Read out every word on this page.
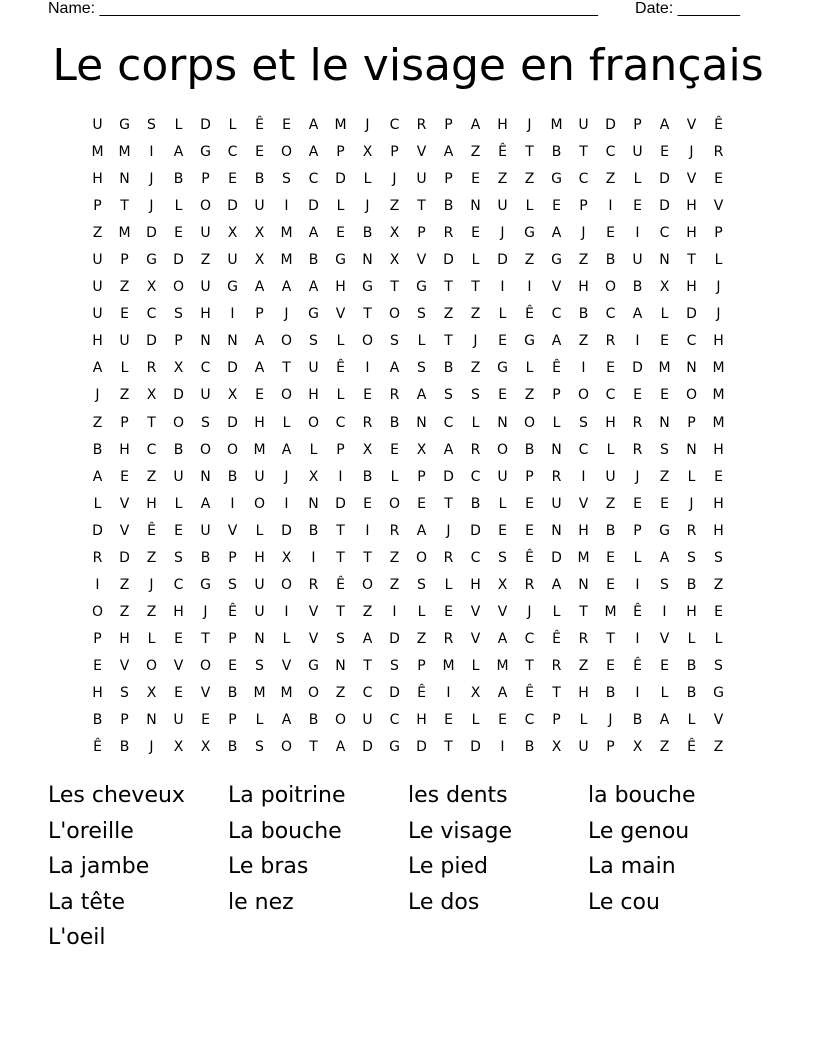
Name: ________________________________________________________ Date: _______
Le corps et le visage en français
U	G	S	L	D	L	Ê	E	A	M	J	C	R	P	A	H	J	M	U	D	P	A	V	Ê
M	M	I	A	G	C	E	O	A	P	X	P	V	A	Z	Ê	T	B	T	C	U	E	J	R
H	N	J	B	P	E	B	S	C	D	L	J	U	P	E	Z	Z	G	C	Z	L	D	V	E
P	T	J	L	O	D	U	I	D	L	J	Z	T	B	N	U	L	E	P	I	E	D	H	V
Z	M	D	E	U	X	X	M	A	E	B	X	P	R	E	J	G	A	J	E	I	C	H	P
U	P	G	D	Z	U	X	M	B	G	N	X	V	D	L	D	Z	G	Z	B	U	N	T	L
U	Z	X	O	U	G	A	A	A	H	G	T	G	T	T	I	I	V	H	O	B	X	H	J
U	E	C	S	H	I	P	J	G	V	T	O	S	Z	Z	L	Ê	C	B	C	A	L	D	J
H	U	D	P	N	N	A	O	S	L	O	S	L	T	J	E	G	A	Z	R	I	E	C	H
A	L	R	X	C	D	A	T	U	Ê	I	A	S	B	Z	G	L	Ê	I	E	D	M	N	M
J	Z	X	D	U	X	E	O	H	L	E	R	A	S	S	E	Z	P	O	C	E	E	O	M
Z	P	T	O	S	D	H	L	O	C	R	B	N	C	L	N	O	L	S	H	R	N	P	M
B	H	C	B	O	O	M	A	L	P	X	E	X	A	R	O	B	N	C	L	R	S	N	H
A	E	Z	U	N	B	U	J	X	I	B	L	P	D	C	U	P	R	I	U	J	Z	L	E
L	V	H	L	A	I	O	I	N	D	E	O	E	T	B	L	E	U	V	Z	E	E	J	H
D	V	Ê	E	U	V	L	D	B	T	I	R	A	J	D	E	E	N	H	B	P	G	R	H
R	D	Z	S	B	P	H	X	I	T	T	Z	O	R	C	S	Ê	D	M	E	L	A	S	S
I	Z	J	C	G	S	U	O	R	Ê	O	Z	S	L	H	X	R	A	N	E	I	S	B	Z
O	Z	Z	H	J	Ê	U	I	V	T	Z	I	L	E	V	V	J	L	T	M	Ê	I	H	E
P	H	L	E	T	P	N	L	V	S	A	D	Z	R	V	A	C	Ê	R	T	I	V	L	L
E	V	O	V	O	E	S	V	G	N	T	S	P	M	L	M	T	R	Z	E	Ê	E	B	S
H	S	X	E	V	B	M	M	O	Z	C	D	Ê	I	X	A	Ê	T	H	B	I	L	B	G
B	P	N	U	E	P	L	A	B	O	U	C	H	E	L	E	C	P	L	J	B	A	L	V
Ê	B	J	X	X	B	S	O	T	A	D	G	D	T	D	I	B	X	U	P	X	Z	Ê	Z
Les cheveux	La poitrine	les dents	la bouche
L'oreille	La bouche	Le visage	Le genou
La jambe	Le bras	Le pied	La main
La tête	le nez	Le dos	Le cou
L'oeil
